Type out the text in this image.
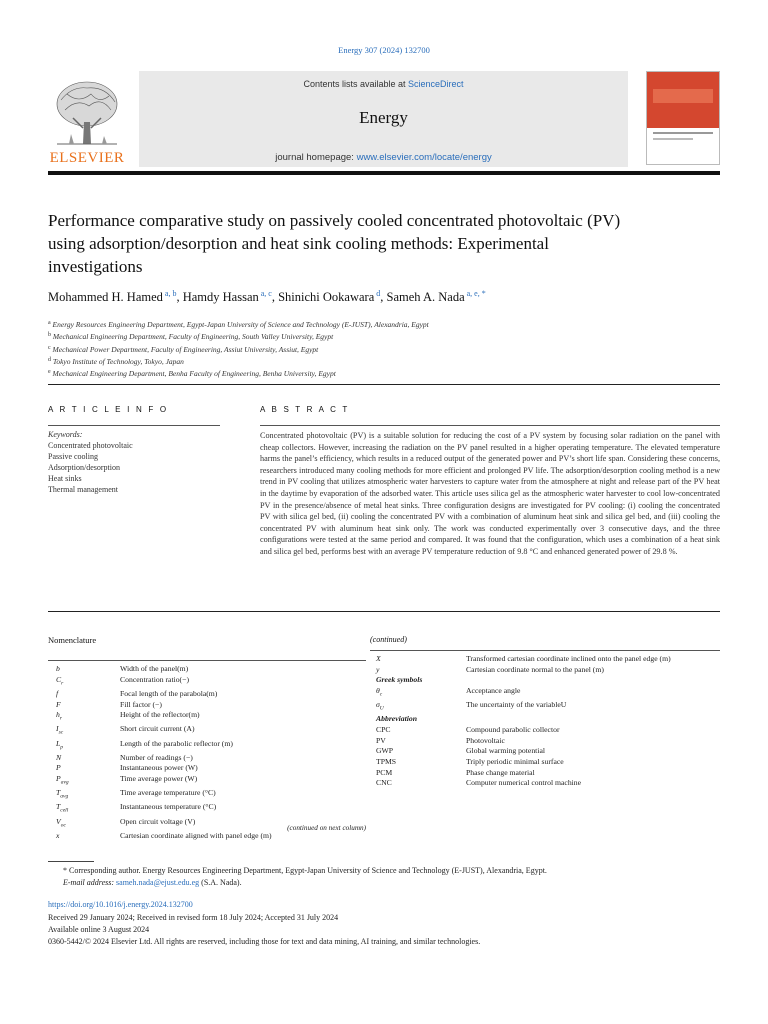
Energy 307 (2024) 132700
ELSEVIER
Contents lists available at ScienceDirect
Energy
journal homepage: www.elsevier.com/locate/energy
Performance comparative study on passively cooled concentrated photovoltaic (PV) using adsorption/desorption and heat sink cooling methods: Experimental investigations
Mohammed H. Hamed $^{a, b}$, Hamdy Hassan $^{a, c}$, Shinichi Ookawara $^d$, Sameh A. Nada $^{a, e, *}$
$^a$ Energy Resources Engineering Department, Egypt-Japan University of Science and Technology (E-JUST), Alexandria, Egypt
$^b$ Mechanical Engineering Department, Faculty of Engineering, South Valley University, Egypt
$^c$ Mechanical Power Department, Faculty of Engineering, Assiut University, Assiut, Egypt
$^d$ Tokyo Institute of Technology, Tokyo, Japan
$^e$ Mechanical Engineering Department, Benha Faculty of Engineering, Benha University, Egypt
A R T I C L E I N F O
Keywords:
Concentrated photovoltaic
Passive cooling
Adsorption/desorption
Heat sinks
Thermal management
A B S T R A C T
Concentrated photovoltaic (PV) is a suitable solution for reducing the cost of a PV system by focusing solar radiation on the panel with cheap collectors. However, increasing the radiation on the PV panel resulted in a higher operating temperature. The elevated temperature harms the panel’s efficiency, which results in a reduced output of the generated power and PV’s short life span. Considering these concerns, researchers introduced many cooling methods for more efficient and prolonged PV life. The adsorption/desorption cooling method is a new trend in PV cooling that utilizes atmospheric water harvesters to capture water from the atmosphere at night and release part of the PV heat in the daytime by evaporation of the adsorbed water. This article uses silica gel as the atmospheric water harvester to cool low-concentrated PV in the presence/absence of metal heat sinks. Three configuration designs are investigated for PV cooling: (i) cooling the concentrated PV with silica gel bed, (ii) cooling the concentrated PV with a combination of aluminum heat sink and silica gel bed, and (iii) cooling the concentrated PV with aluminum heat sink only. The work was conducted experimentally over 3 consecutive days, and the three configurations were tested at the same period and compared. It was found that the configuration, which uses a combination of a heat sink and silica gel bed, performs best with an average PV temperature reduction of 9.8 °C and enhanced generated power of 29.8 %.
Nomenclature
b	Width of the panel(m)
$C_r$	Concentration ratio(−)
f	Focal length of the parabola(m)
F	Fill factor (−)
$h_r$	Height of the reflector(m)
$I_{sc}$	Short circuit current (A)
$L_p$	Length of the parabolic reflector (m)
N	Number of readings (−)
P	Instantaneous power (W)
$P_{avg}$	Time average power (W)
$T_{avg}$	Time average temperature (°C)
$T_{cell}$	Instantaneous temperature (°C)
$V_{oc}$	Open circuit voltage (V)
x	Cartesian coordinate aligned with panel edge (m)
(continued on next column)
(continued)
X	Transformed cartesian coordinate inclined onto the panel edge (m)
y	Cartesian coordinate normal to the panel (m)
Greek symbols	
$\theta_c$	Acceptance angle
$\sigma_U$	The uncertainty of the variableU
Abbreviation	
CPC	Compound parabolic collector
PV	Photovoltaic
GWP	Global warming potential
TPMS	Triply periodic minimal surface
PCM	Phase change material
CNC	Computer numerical control machine
* Corresponding author. Energy Resources Engineering Department, Egypt-Japan University of Science and Technology (E-JUST), Alexandria, Egypt.
E-mail address: sameh.nada@ejust.edu.eg (S.A. Nada).
https://doi.org/10.1016/j.energy.2024.132700
Received 29 January 2024; Received in revised form 18 July 2024; Accepted 31 July 2024
Available online 3 August 2024
0360-5442/© 2024 Elsevier Ltd. All rights are reserved, including those for text and data mining, AI training, and similar technologies.
